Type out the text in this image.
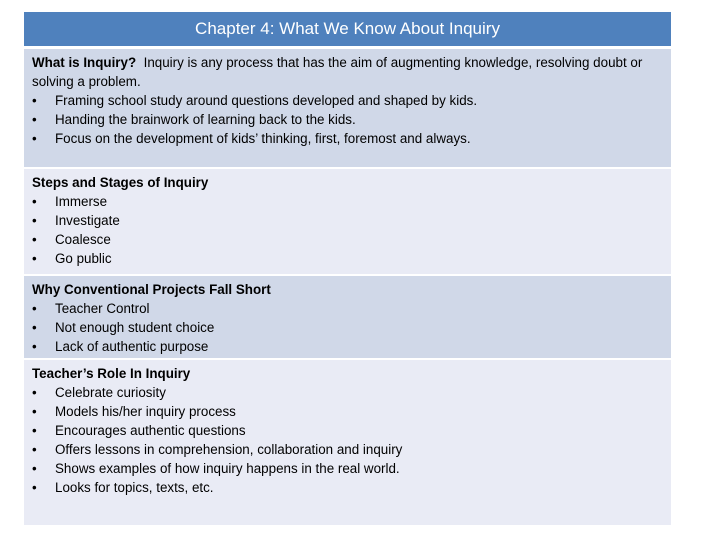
Chapter 4: What We Know About Inquiry
What is Inquiry?  Inquiry is any process that has the aim of augmenting knowledge, resolving doubt or solving a problem.
• Framing school study around questions developed and shaped by kids.
• Handing the brainwork of learning back to the kids.
• Focus on the development of kids’ thinking, first, foremost and always.
Steps and Stages of Inquiry
• Immerse
• Investigate
• Coalesce
• Go public
Why Conventional Projects Fall Short
• Teacher Control
• Not enough student choice
• Lack of authentic purpose
Teacher’s Role In Inquiry
• Celebrate curiosity
• Models his/her inquiry process
• Encourages authentic questions
• Offers lessons in comprehension, collaboration and inquiry
• Shows examples of how inquiry happens in the real world.
• Looks for topics, texts, etc.
